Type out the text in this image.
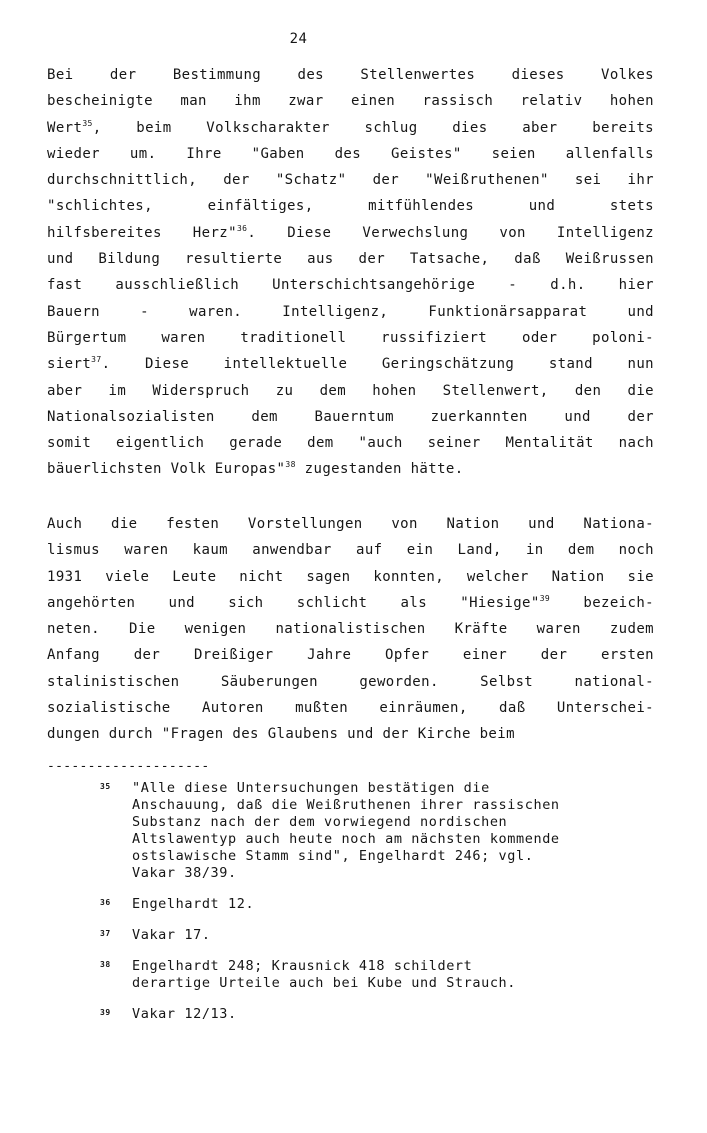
24
Bei der Bestimmung des Stellenwertes dieses Volkes
bescheinigte man ihm zwar einen rassisch relativ hohen
Wert$^{35}$, beim Volkscharakter schlug dies aber bereits
wieder um. Ihre "Gaben des Geistes" seien allenfalls
durchschnittlich, der "Schatz" der "Weißruthenen" sei ihr
"schlichtes, einfältiges, mitfühlendes und stets
hilfsbereites Herz"$^{36}$. Diese Verwechslung von Intelligenz
und Bildung resultierte aus der Tatsache, daß Weißrussen
fast ausschließlich Unterschichtsangehörige - d.h. hier
Bauern - waren. Intelligenz, Funktionärsapparat und
Bürgertum waren traditionell russifiziert oder poloni-
siert$^{37}$. Diese intellektuelle Geringschätzung stand nun
aber im Widerspruch zu dem hohen Stellenwert, den die
Nationalsozialisten dem Bauerntum zuerkannten und der
somit eigentlich gerade dem "auch seiner Mentalität nach
bäuerlichsten Volk Europas"$^{38}$ zugestanden hätte.
Auch die festen Vorstellungen von Nation und Nationa-
lismus waren kaum anwendbar auf ein Land, in dem noch
1931 viele Leute nicht sagen konnten, welcher Nation sie
angehörten und sich schlicht als "Hiesige"$^{39}$ bezeich-
neten. Die wenigen nationalistischen Kräfte waren zudem
Anfang der Dreißiger Jahre Opfer einer der ersten
stalinistischen Säuberungen geworden. Selbst national-
sozialistische Autoren mußten einräumen, daß Unterschei-
dungen durch "Fragen des Glaubens und der Kirche beim
--------------------
35 "Alle diese Untersuchungen bestätigen die
Anschauung, daß die Weißruthenen ihrer rassischen
Substanz nach der dem vorwiegend nordischen
Altslawentyp auch heute noch am nächsten kommende
ostslawische Stamm sind", Engelhardt 246; vgl.
Vakar 38/39.
36 Engelhardt 12.
37 Vakar 17.
38 Engelhardt 248; Krausnick 418 schildert
derartige Urteile auch bei Kube und Strauch.
39 Vakar 12/13.
